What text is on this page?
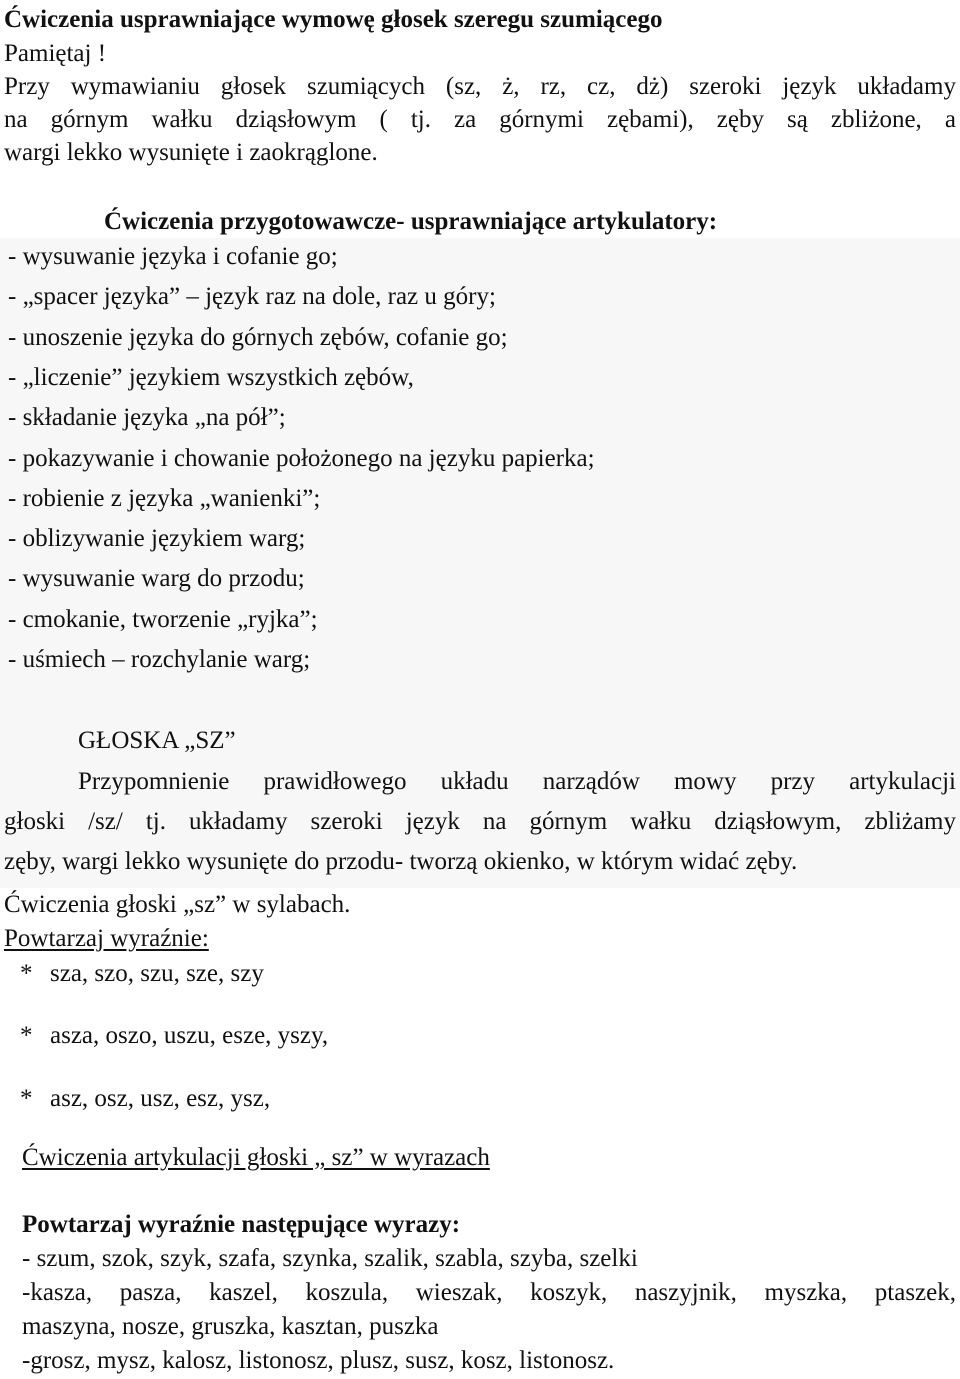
Ćwiczenia usprawniające wymowę głosek szeregu szumiącego
Pamiętaj !
Przy wymawianiu głosek szumiących (sz, ż, rz, cz, dż) szeroki język układamy
na górnym wałku dziąsłowym ( tj. za górnymi zębami), zęby są zbliżone, a
wargi lekko wysunięte i zaokrąglone.
Ćwiczenia przygotowawcze- usprawniające artykulatory:
- wysuwanie języka i cofanie go;
- „spacer języka” – język raz na dole, raz u góry;
- unoszenie języka do górnych zębów, cofanie go;
- „liczenie” językiem wszystkich zębów,
- składanie języka „na pół”;
- pokazywanie i chowanie położonego na języku papierka;
- robienie z języka „wanienki”;
- oblizywanie językiem warg;
- wysuwanie warg do przodu;
- cmokanie, tworzenie „ryjka”;
- uśmiech – rozchylanie warg;
GŁOSKA „SZ”
Przypomnienie prawidłowego układu narządów mowy przy artykulacji
głoski /sz/ tj. układamy szeroki język na górnym wałku dziąsłowym, zbliżamy
zęby, wargi lekko wysunięte do przodu- tworzą okienko, w którym widać zęby.
Ćwiczenia głoski „sz” w sylabach.
Powtarzaj wyraźnie:
* sza, szo, szu, sze, szy
* asza, oszo, uszu, esze, yszy,
* asz, osz, usz, esz, ysz,
Ćwiczenia artykulacji głoski „ sz” w wyrazach
Powtarzaj wyraźnie następujące wyrazy:
- szum, szok, szyk, szafa, szynka, szalik, szabla, szyba, szelki
-kasza, pasza, kaszel, koszula, wieszak, koszyk, naszyjnik, myszka, ptaszek,
maszyna, nosze, gruszka, kasztan, puszka
-grosz, mysz, kalosz, listonosz, plusz, susz, kosz, listonosz.
